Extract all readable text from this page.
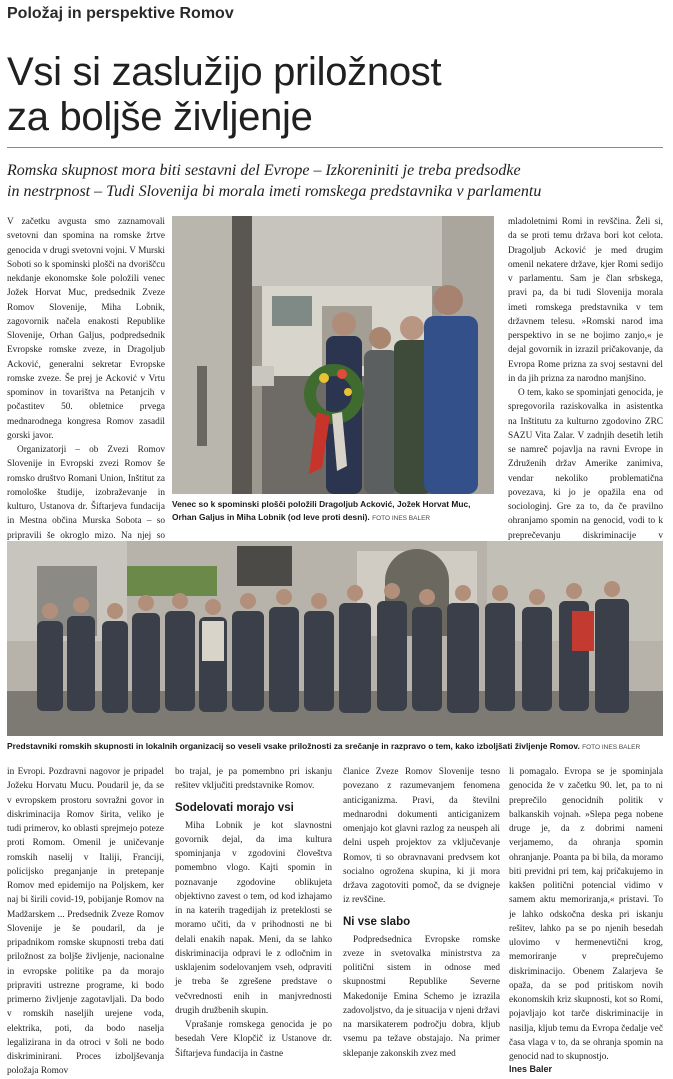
Položaj in perspektive Romov
Vsi si zaslužijo priložnost
za boljše življenje
Romska skupnost mora biti sestavni del Evrope – Izkoreniniti je treba predsodke
in nestrpnost – Tudi Slovenija bi morala imeti romskega predstavnika v parlamentu

V začetku avgusta smo zaznamovali svetovni dan spomina na romske žrtve genocida v drugi svetovni vojni. V Murski Soboti so k spominski plošči na dvoriščcu nekdanje ekonomske šole položili venec Jožek Horvat Muc, predsednik Zveze Romov Slovenije, Miha Lobnik, zagovornik načela enakosti Republike Slovenije, Orhan Galjus, podpredsednik Evropske romske zveze, in Dragoljub Acković, generalni sekretar Evropske romske zveze. Še prej je Acković v Vrtu spominov in tovarištva na Petanjcih v počastitev 50. obletnice prvega mednarodnega kongresa Romov zasadil gorski javor.

Organizatorji – ob Zvezi Romov Slovenije in Evropski zvezi Romov še romsko društvo Romani Union, Inštitut za romološke študije, izobraževanje in kulturo, Ustanova dr. Šiftarjeva fundacija in Mestna občina Murska Sobota – so pripravili še okroglo mizo. Na njej so

Venec so k spominski plošči položili Dragoljub Acković, Jožek Horvat Muc, Orhan Galjus in Miha Lobnik (od leve proti desni). FOTO INES BALER

mladoletnimi Romi in revščina. Želi si, da se proti temu država bori kot celota. Dragoljub Acković je med drugim omenil nekatere države, kjer Romi sedijo v parlamentu. Sam je član srbskega, pravi pa, da bi tudi Slovenija morala imeti romskega predstavnika v tem državnem telesu. »Romski narod ima perspektivo in se ne bojimo zanjo,« je dejal govornik in izrazil pričakovanje, da Evropa Rome prizna za svoj sestavni del in da jih prizna za narodno manjšino.

O tem, kako se spominjati genocida, je spregovorila raziskovalka in asistentka na Inštitutu za kulturno zgodovino ZRC SAZU Vita Zalar. V zadnjih desetih letih se namreč pojavlja na ravni Evrope in Združenih držav Amerike zanimiva, vendar nekoliko problematična povezava, ki jo je opažila ena od sociologinj. Gre za to, da če pravilno ohranjamo spomin na genocid, vodi to k preprečevanju diskriminacije v

Predstavniki romskih skupnosti in lokalnih organizacij so veseli vsake priložnosti za srečanje in razpravo o tem, kako izboljšati življenje Romov. FOTO INES BALER

in Evropi. Pozdravni nagovor je pripadel Jožeku Horvatu Mucu. Poudaril je, da se v evropskem prostoru sovražni govor in diskriminacija Romov širita, veliko je tudi primerov, ko oblasti sprejmejo poteze proti Romom. Omenil je uničevanje romskih naselij v Italiji, Franciji, policijsko preganjanje in pretepanje Romov med epidemijo na Poljskem, ker naj bi širili covid-19, pobijanje Romov na Madžarskem ... Predsednik Zveze Romov Slovenije je še poudaril, da je pripadnikom romske skupnosti treba dati priložnost za boljše življenje, nacionalne in evropske politike pa da morajo pripraviti ustrezne programe, ki bodo primerno življenje zagotavljali. Da bodo v romskih naseljih urejene voda, elektrika, poti, da bodo naselja legalizirana in da otroci v šoli ne bodo diskriminirani. Proces izboljševanja položaja Romov

bo trajal, je pa pomembno pri iskanju rešitev vključiti predstavnike Romov.

Sodelovati morajo vsi

Miha Lobnik je kot slavnostni govornik dejal, da ima kultura spominjanja v zgodovini človeštva pomembno vlogo. Kajti spomin in poznavanje zgodovine oblikujeta objektivno zavest o tem, od kod izhajamo in na katerih tragedijah iz preteklosti se moramo učiti, da v prihodnosti ne bi delali enakih napak. Meni, da se lahko diskriminacija odpravi le z odločnim in usklajenim sodelovanjem vseh, odpraviti je treba še zgrešene predstave o večvrednosti enih in manjvrednosti drugih družbenih skupin.

Vprašanje romskega genocida je po besedah Vere Klopčič iz Ustanove dr. Šiftarjeva fundacija in častne

članice Zveze Romov Slovenije tesno povezano z razumevanjem fenomena anticiganizma. Pravi, da številni mednarodni dokumenti anticiganizem omenjajo kot glavni razlog za neuspeh ali delni uspeh projektov za vključevanje Romov, ti so obravnavani predvsem kot socialno ogrožena skupina, ki ji mora država zagotoviti pomoč, da se dvigneje iz revščine.

Ni vse slabo

Podpredsednica Evropske romske zveze in svetovalka ministrstva za politični sistem in odnose med skupnostmi Republike Severne Makedonije Emina Schemo je izrazila zadovoljstvo, da je situacija v njeni državi na marsikaterem področju dobra, kljub vsemu pa težave obstajajo. Na primer sklepanje zakonskih zvez med

li pomagalo. Evropa se je spominjala genocida že v začetku 90. let, pa to ni preprečilo genocidnih politik v balkanskih vojnah. »Slepa pega nobene druge je, da z dobrimi nameni verjamemo, da ohranja spomin ohranjanje. Poanta pa bi bila, da moramo biti previdni pri tem, kaj pričakujemo in kakšen politični potencial vidimo v samem aktu memoriranja,« pristavi. To je lahko odskočna deska pri iskanju rešitev, lahko pa se po njenih besedah ulovimo v hermenevtični krog, memoriranje v preprečujemo diskriminacijo. Obenem Zalarjeva še opaža, da se pod pritiskom novih ekonomskih kriz skupnosti, kot so Romi, pojavljajo kot tarče diskriminacije in nasilja, kljub temu da Evropa čedalje več časa vlaga v to, da se ohranja spomin na genocid nad to skupnostjo.

Ines Baler
